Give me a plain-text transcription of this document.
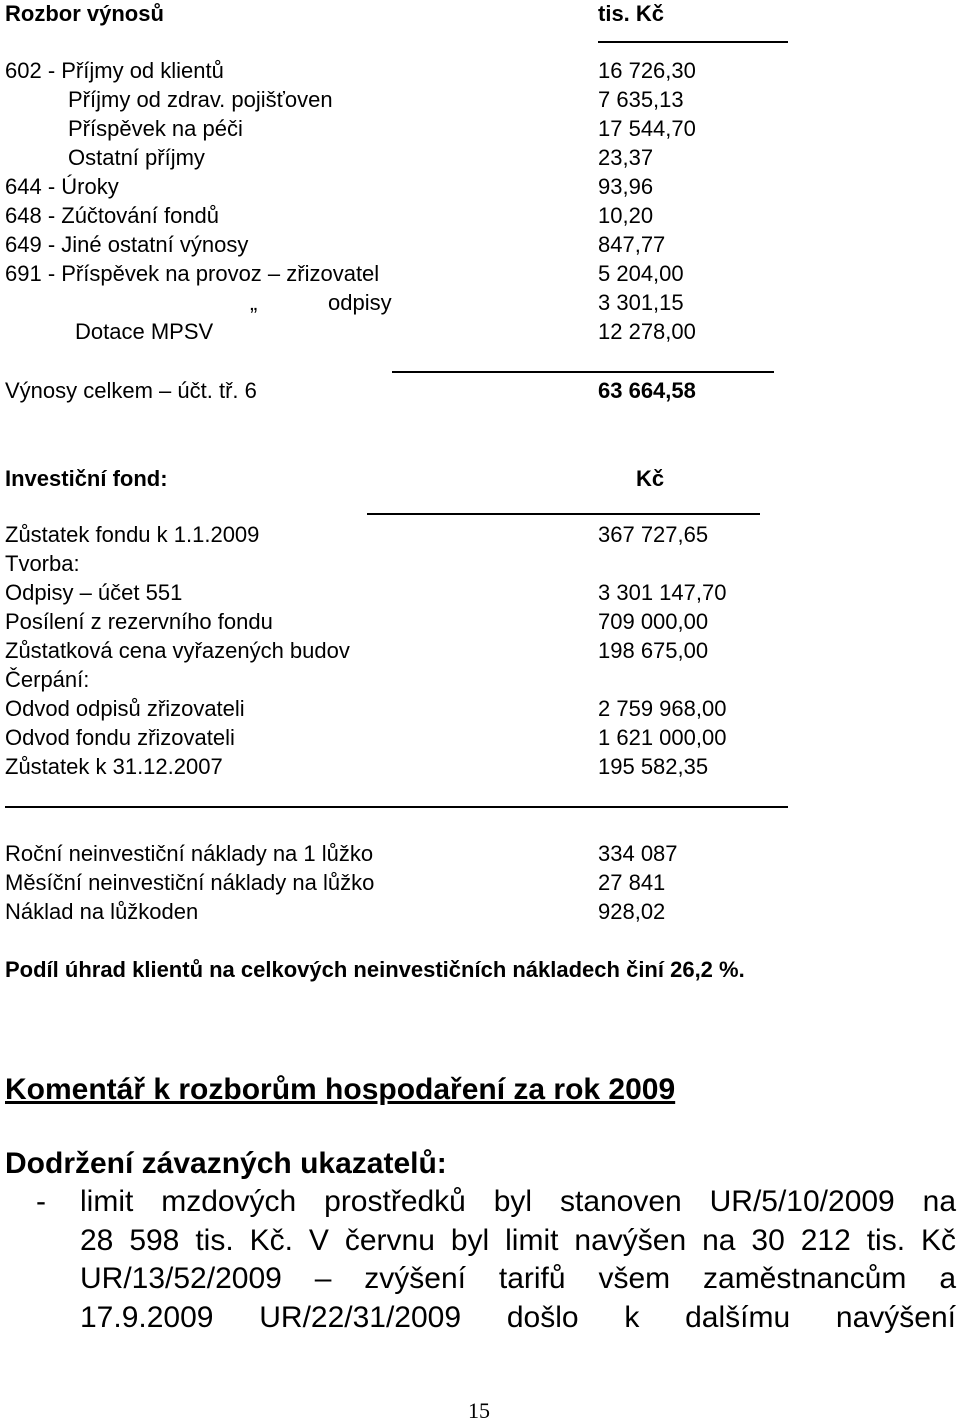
Rozbor výnosů	tis. Kč
602 - Příjmy od klientů	16 726,30
Příjmy od zdrav. pojišťoven	7 635,13
Příspěvek na péči	17 544,70
Ostatní příjmy	23,37
644 - Úroky	93,96
648 - Zúčtování fondů	10,20
649 - Jiné ostatní výnosy	847,77
691 - Příspěvek na provoz – zřizovatel	5 204,00
„	odpisy	3 301,15
Dotace MPSV	12 278,00
Výnosy celkem – účt. tř. 6	63 664,58
Investiční fond:	Kč
Zůstatek fondu k 1.1.2009	367 727,65
Tvorba:
Odpisy – účet 551	3 301 147,70
Posílení z rezervního fondu	709 000,00
Zůstatková cena vyřazených budov	198 675,00
Čerpání:
Odvod odpisů zřizovateli	2 759 968,00
Odvod fondu zřizovateli	1 621 000,00
Zůstatek k 31.12.2007	195 582,35
Roční neinvestiční náklady na 1 lůžko	334 087
Měsíční neinvestiční náklady na lůžko	27 841
Náklad na lůžkoden	928,02
Podíl úhrad klientů na celkových neinvestičních nákladech činí 26,2 %.
Komentář k rozborům hospodaření za rok 2009
Dodržení závazných ukazatelů:
- limit mzdových prostředků byl stanoven UR/5/10/2009 na
28 598 tis. Kč. V červnu byl limit navýšen na 30 212 tis. Kč
UR/13/52/2009 – zvýšení tarifů všem zaměstnancům a
17.9.2009 UR/22/31/2009 došlo k dalšímu navýšení
15
